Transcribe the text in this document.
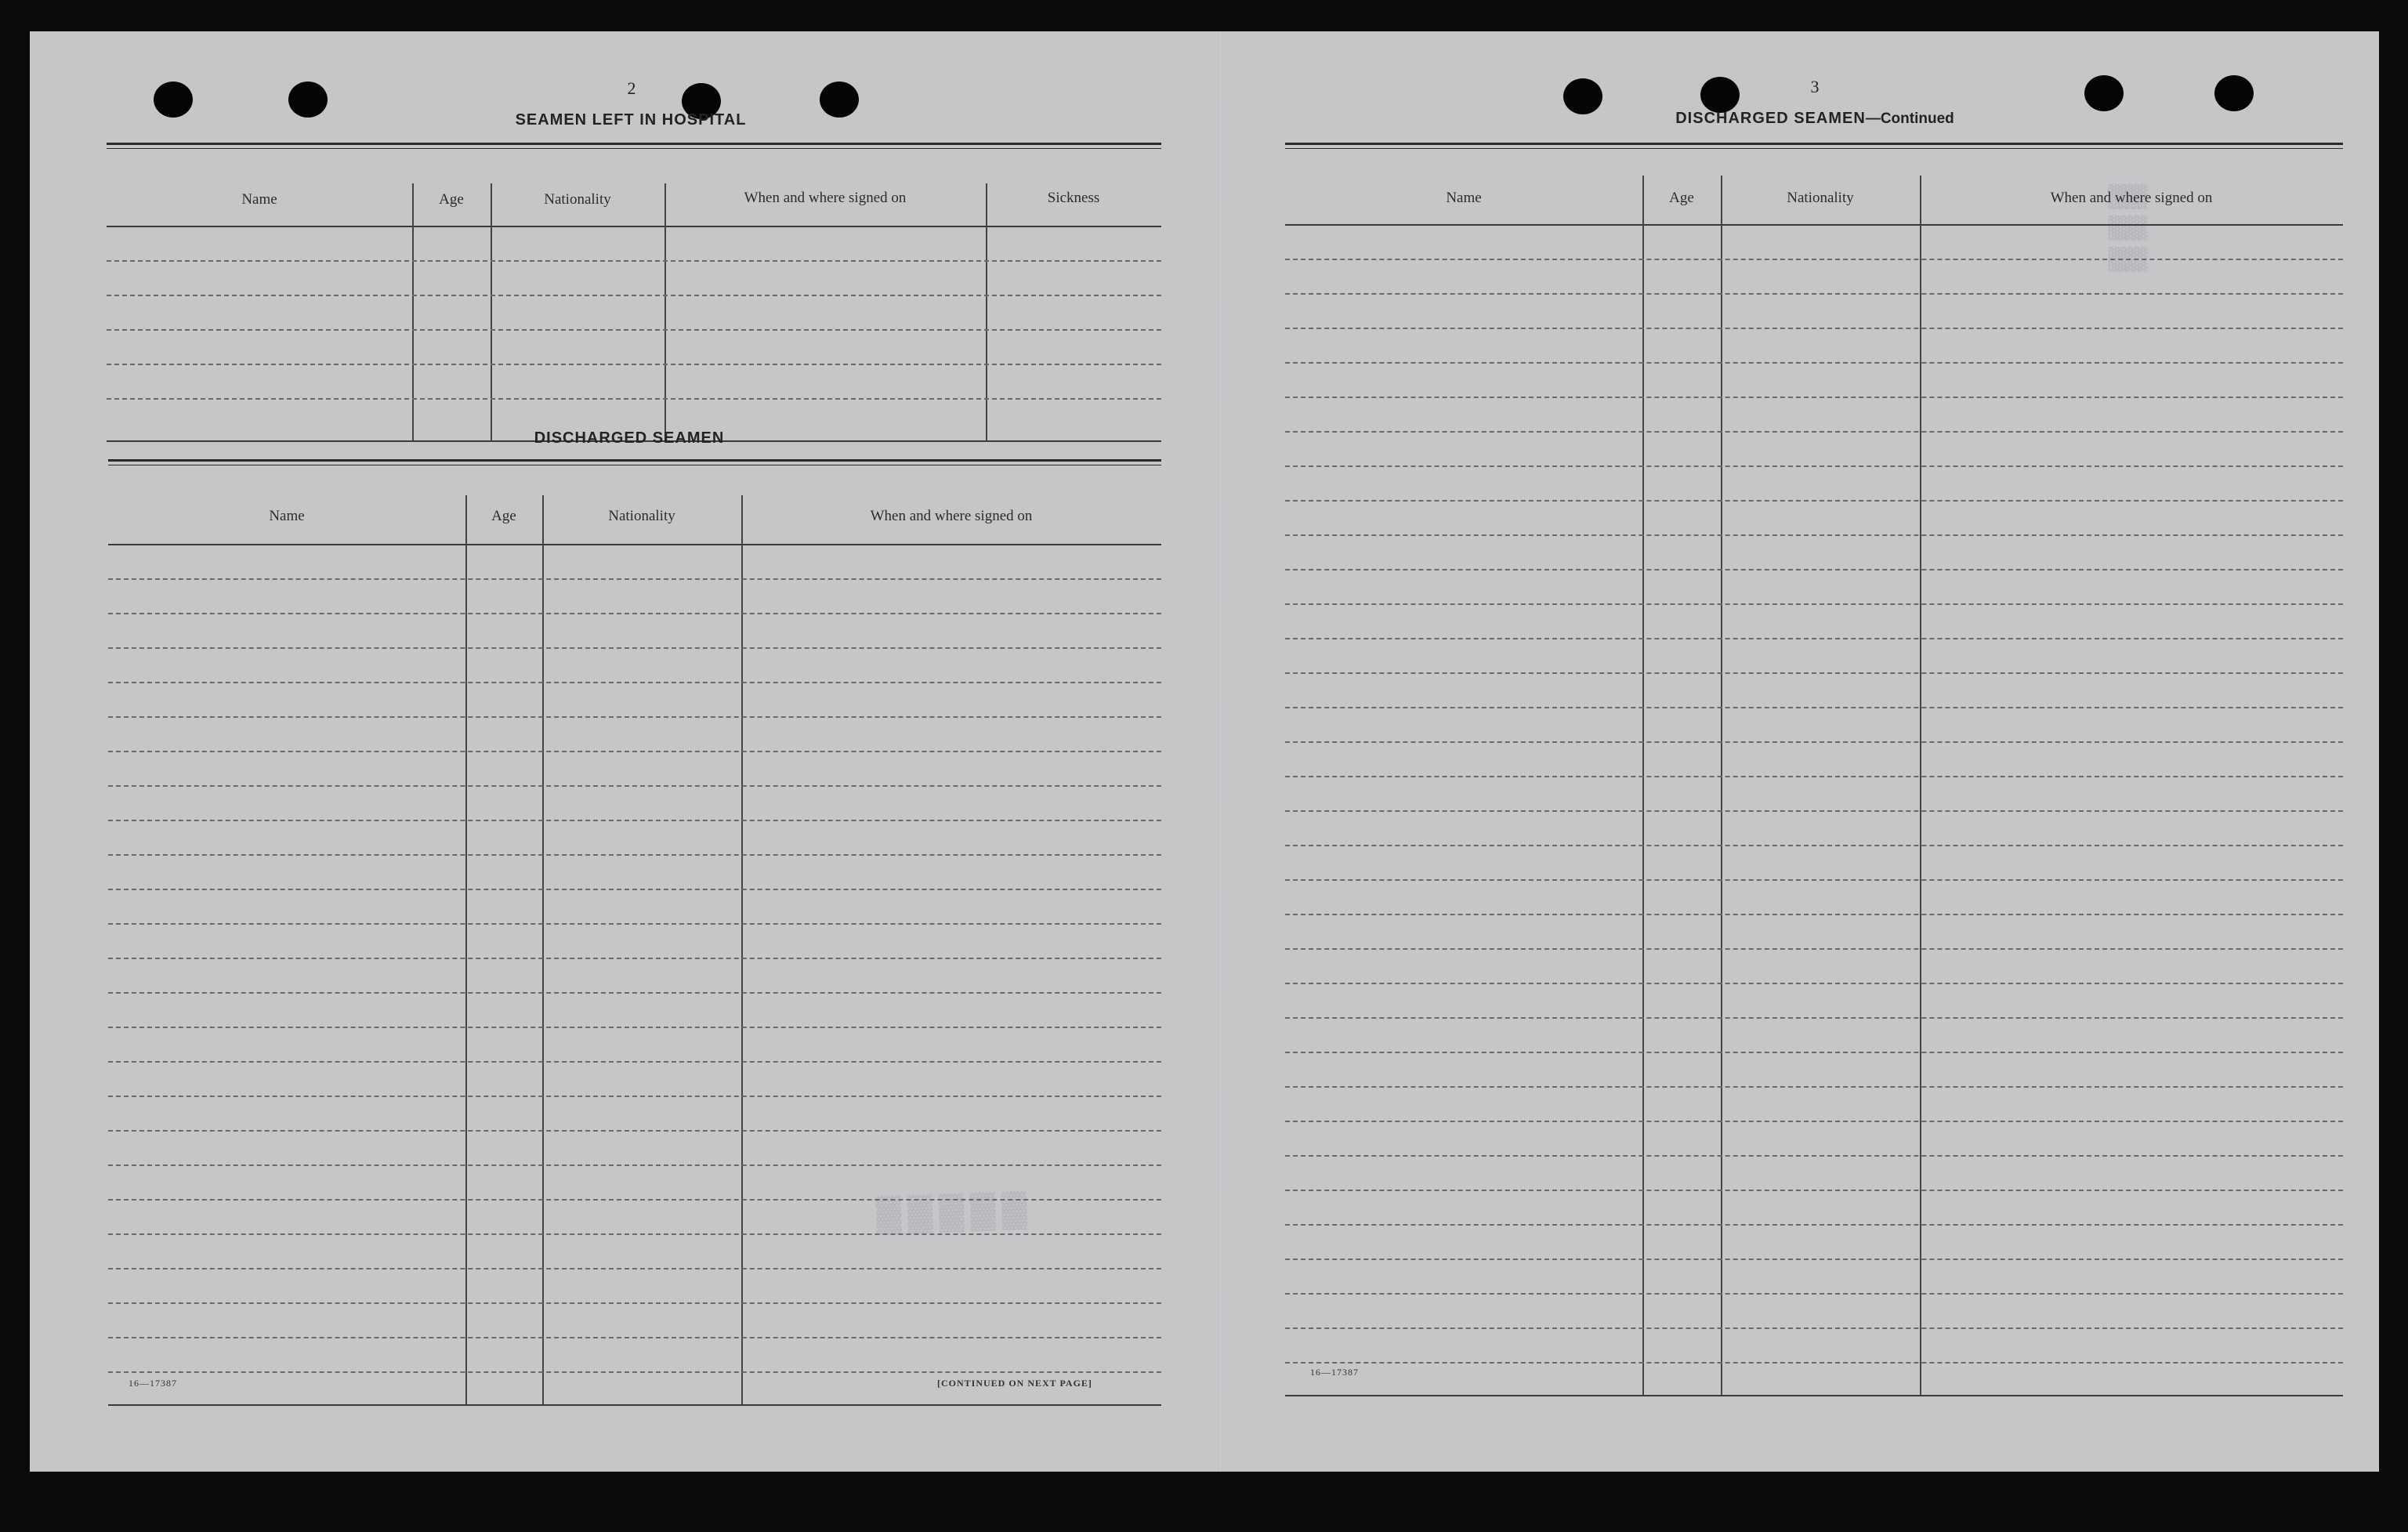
▓▓▓▓▓
▓▓▓
2
SEAMEN LEFT IN HOSPITAL
Name	Age	Nationality	When and where signed on	Sickness
DISCHARGED SEAMEN
Name	Age	Nationality	When and where signed on
16—17387	[CONTINUED ON NEXT PAGE]
3
DISCHARGED SEAMEN—Continued
Name	Age	Nationality	When and where signed on
16—17387
